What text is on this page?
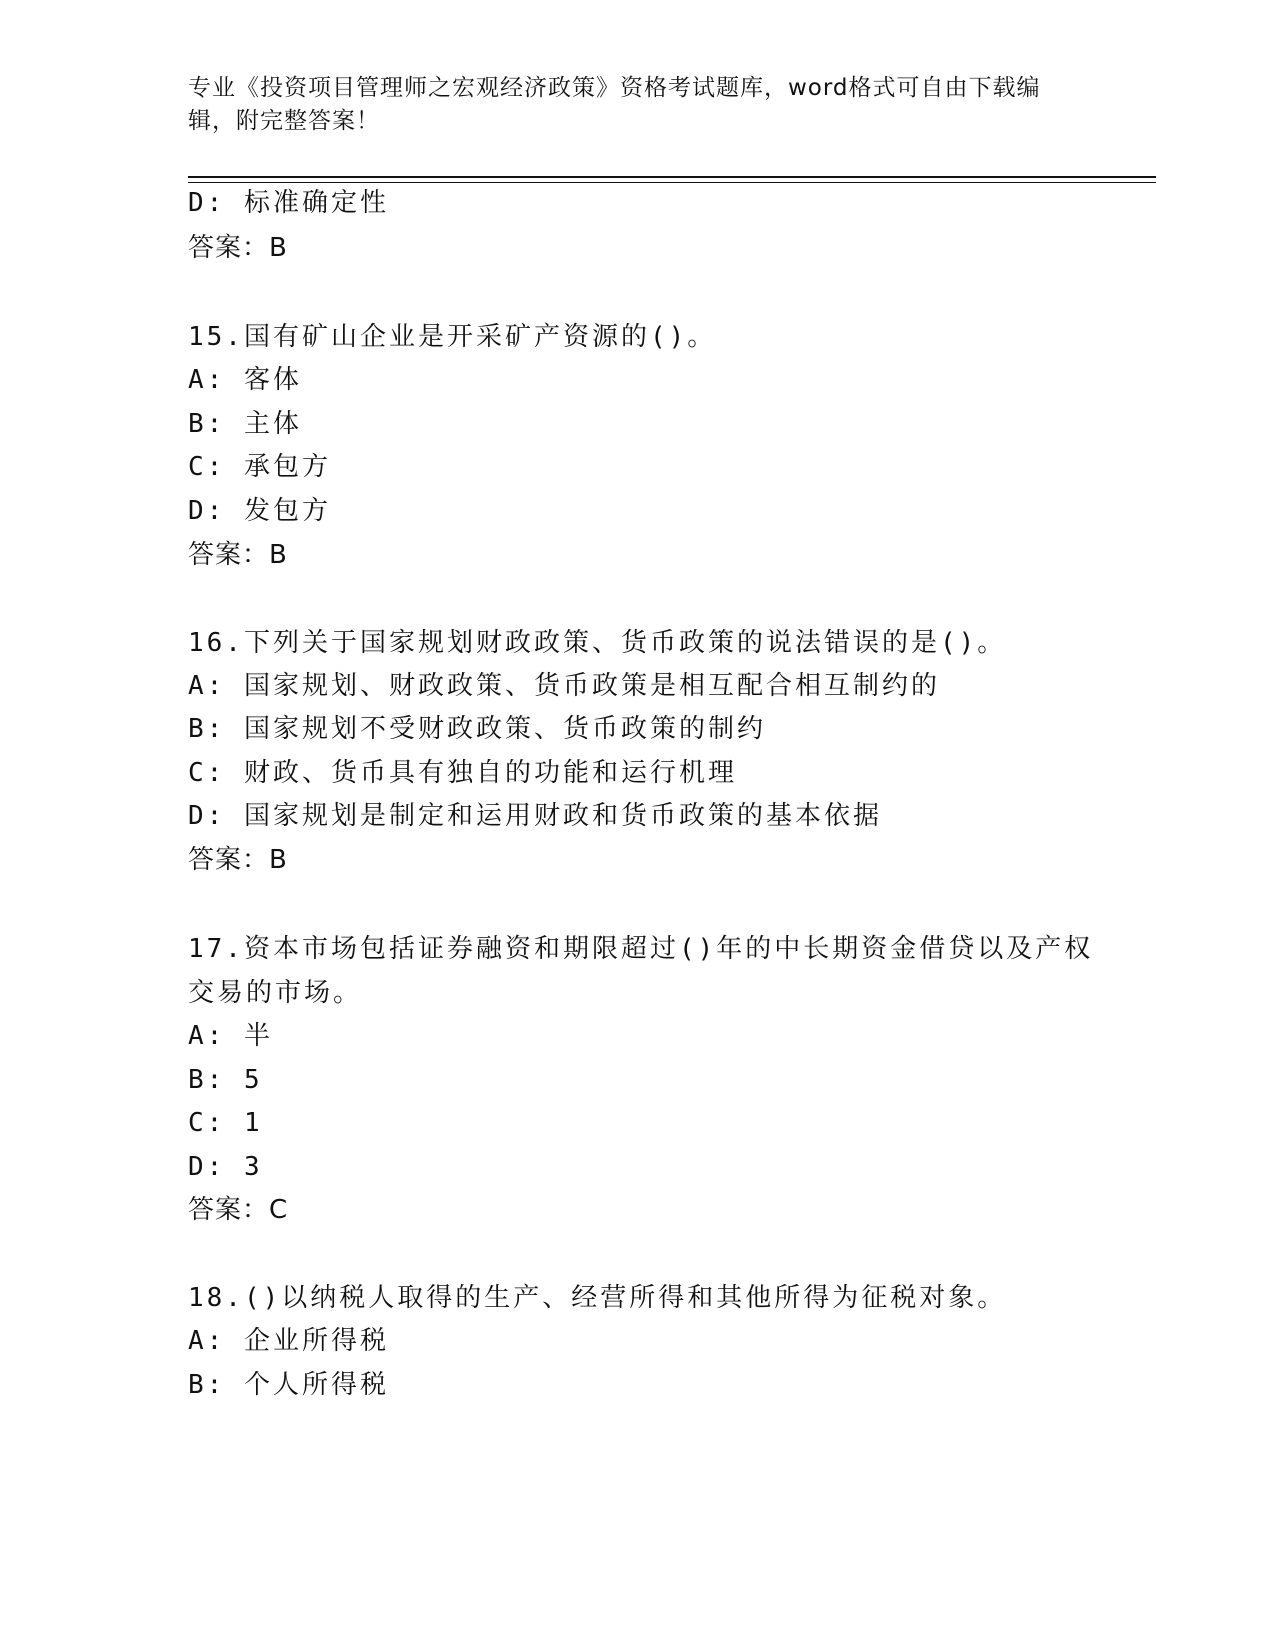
专业《投资项目管理师之宏观经济政策》资格考试题库，word格式可自由下载编
辑，附完整答案！
D: 标准确定性
答案：B
15.国有矿山企业是开采矿产资源的()。
A: 客体
B: 主体
C: 承包方
D: 发包方
答案：B
16.下列关于国家规划财政政策、货币政策的说法错误的是()。
A: 国家规划、财政政策、货币政策是相互配合相互制约的
B: 国家规划不受财政政策、货币政策的制约
C: 财政、货币具有独自的功能和运行机理
D: 国家规划是制定和运用财政和货币政策的基本依据
答案：B
17.资本市场包括证券融资和期限超过()年的中长期资金借贷以及产权
交易的市场。
A: 半
B: 5
C: 1
D: 3
答案：C
18.()以纳税人取得的生产、经营所得和其他所得为征税对象。
A: 企业所得税
B: 个人所得税
